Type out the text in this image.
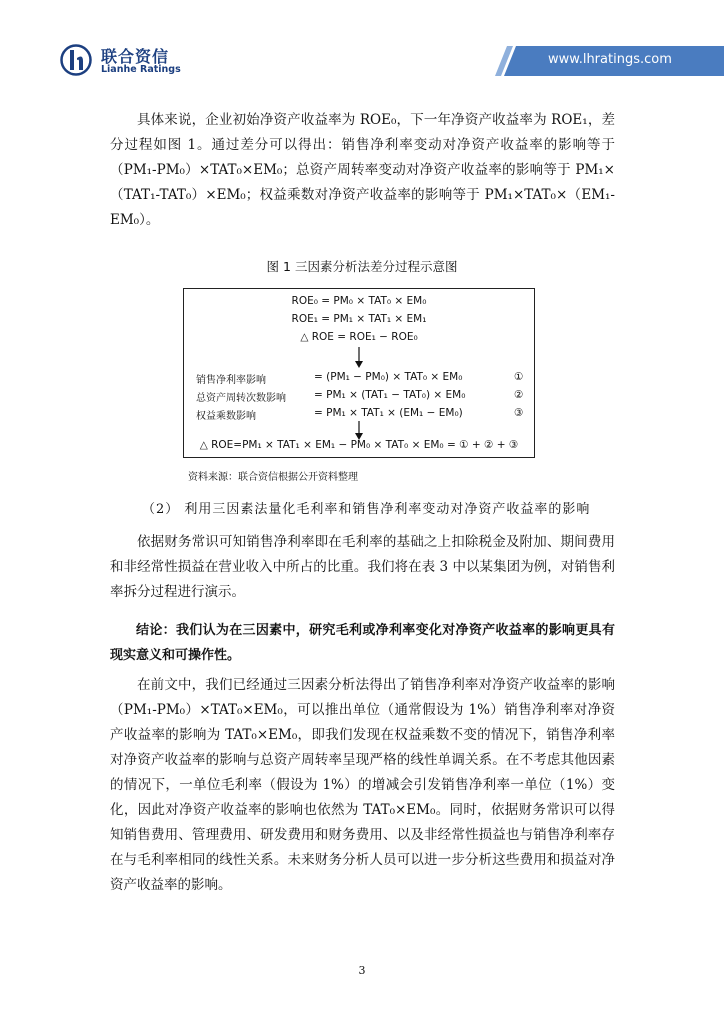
联合资信
Lianhe Ratings
www.lhratings.com

具体来说，企业初始净资产收益率为 ROE₀，下一年净资产收益率为 ROE₁，差分过程如图 1。通过差分可以得出：销售净利率变动对净资产收益率的影响等于（PM₁-PM₀）×TAT₀×EM₀；总资产周转率变动对净资产收益率的影响等于 PM₁×（TAT₁-TAT₀）×EM₀；权益乘数对净资产收益率的影响等于 PM₁×TAT₀×（EM₁-EM₀）。

图 1 三因素分析法差分过程示意图
ROE₀ = PM₀ × TAT₀ × EM₀
ROE₁ = PM₁ × TAT₁ × EM₁
△ ROE = ROE₁ − ROE₀
销售净利率影响	= (PM₁ − PM₀) × TAT₀ × EM₀	①
总资产周转次数影响	= PM₁ × (TAT₁ − TAT₀) × EM₀	②
权益乘数影响	= PM₁ × TAT₁ × (EM₁ − EM₀)	③
△ ROE=PM₁ × TAT₁ × EM₁ − PM₀ × TAT₀ × EM₀ = ① + ② + ③
资料来源：联合资信根据公开资料整理
（2） 利用三因素法量化毛利率和销售净利率变动对净资产收益率的影响

依据财务常识可知销售净利率即在毛利率的基础之上扣除税金及附加、期间费用和非经常性损益在营业收入中所占的比重。我们将在表 3 中以某集团为例，对销售利率拆分过程进行演示。

结论：我们认为在三因素中，研究毛利或净利率变化对净资产收益率的影响更具有现实意义和可操作性。

在前文中，我们已经通过三因素分析法得出了销售净利率对净资产收益率的影响（PM₁-PM₀）×TAT₀×EM₀，可以推出单位（通常假设为 1%）销售净利率对净资产收益率的影响为 TAT₀×EM₀，即我们发现在权益乘数不变的情况下，销售净利率对净资产收益率的影响与总资产周转率呈现严格的线性单调关系。在不考虑其他因素的情况下，一单位毛利率（假设为 1%）的增减会引发销售净利率一单位（1%）变化，因此对净资产收益率的影响也依然为 TAT₀×EM₀。同时，依据财务常识可以得知销售费用、管理费用、研发费用和财务费用、以及非经常性损益也与销售净利率存在与毛利率相同的线性关系。未来财务分析人员可以进一步分析这些费用和损益对净资产收益率的影响。

3
